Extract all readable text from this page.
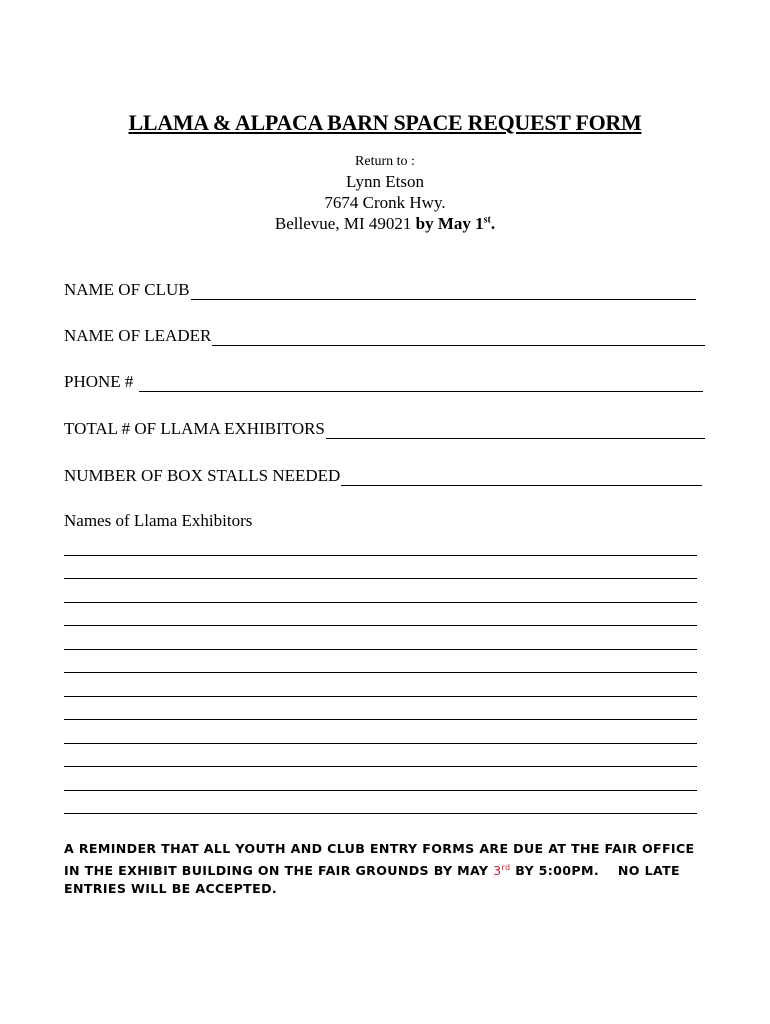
LLAMA & ALPACA BARN SPACE REQUEST FORM
Return to :
Lynn Etson
7674 Cronk Hwy.
Bellevue, MI 49021 by May 1st.
NAME OF CLUB
NAME OF LEADER
PHONE #
TOTAL # OF LLAMA EXHIBITORS
NUMBER OF BOX STALLS NEEDED
Names of Llama Exhibitors
A REMINDER THAT ALL YOUTH AND CLUB ENTRY FORMS ARE DUE AT THE FAIR OFFICE IN THE EXHIBIT BUILDING ON THE FAIR GROUNDS BY MAY 3rd BY 5:00PM.    NO LATE ENTRIES WILL BE ACCEPTED.
